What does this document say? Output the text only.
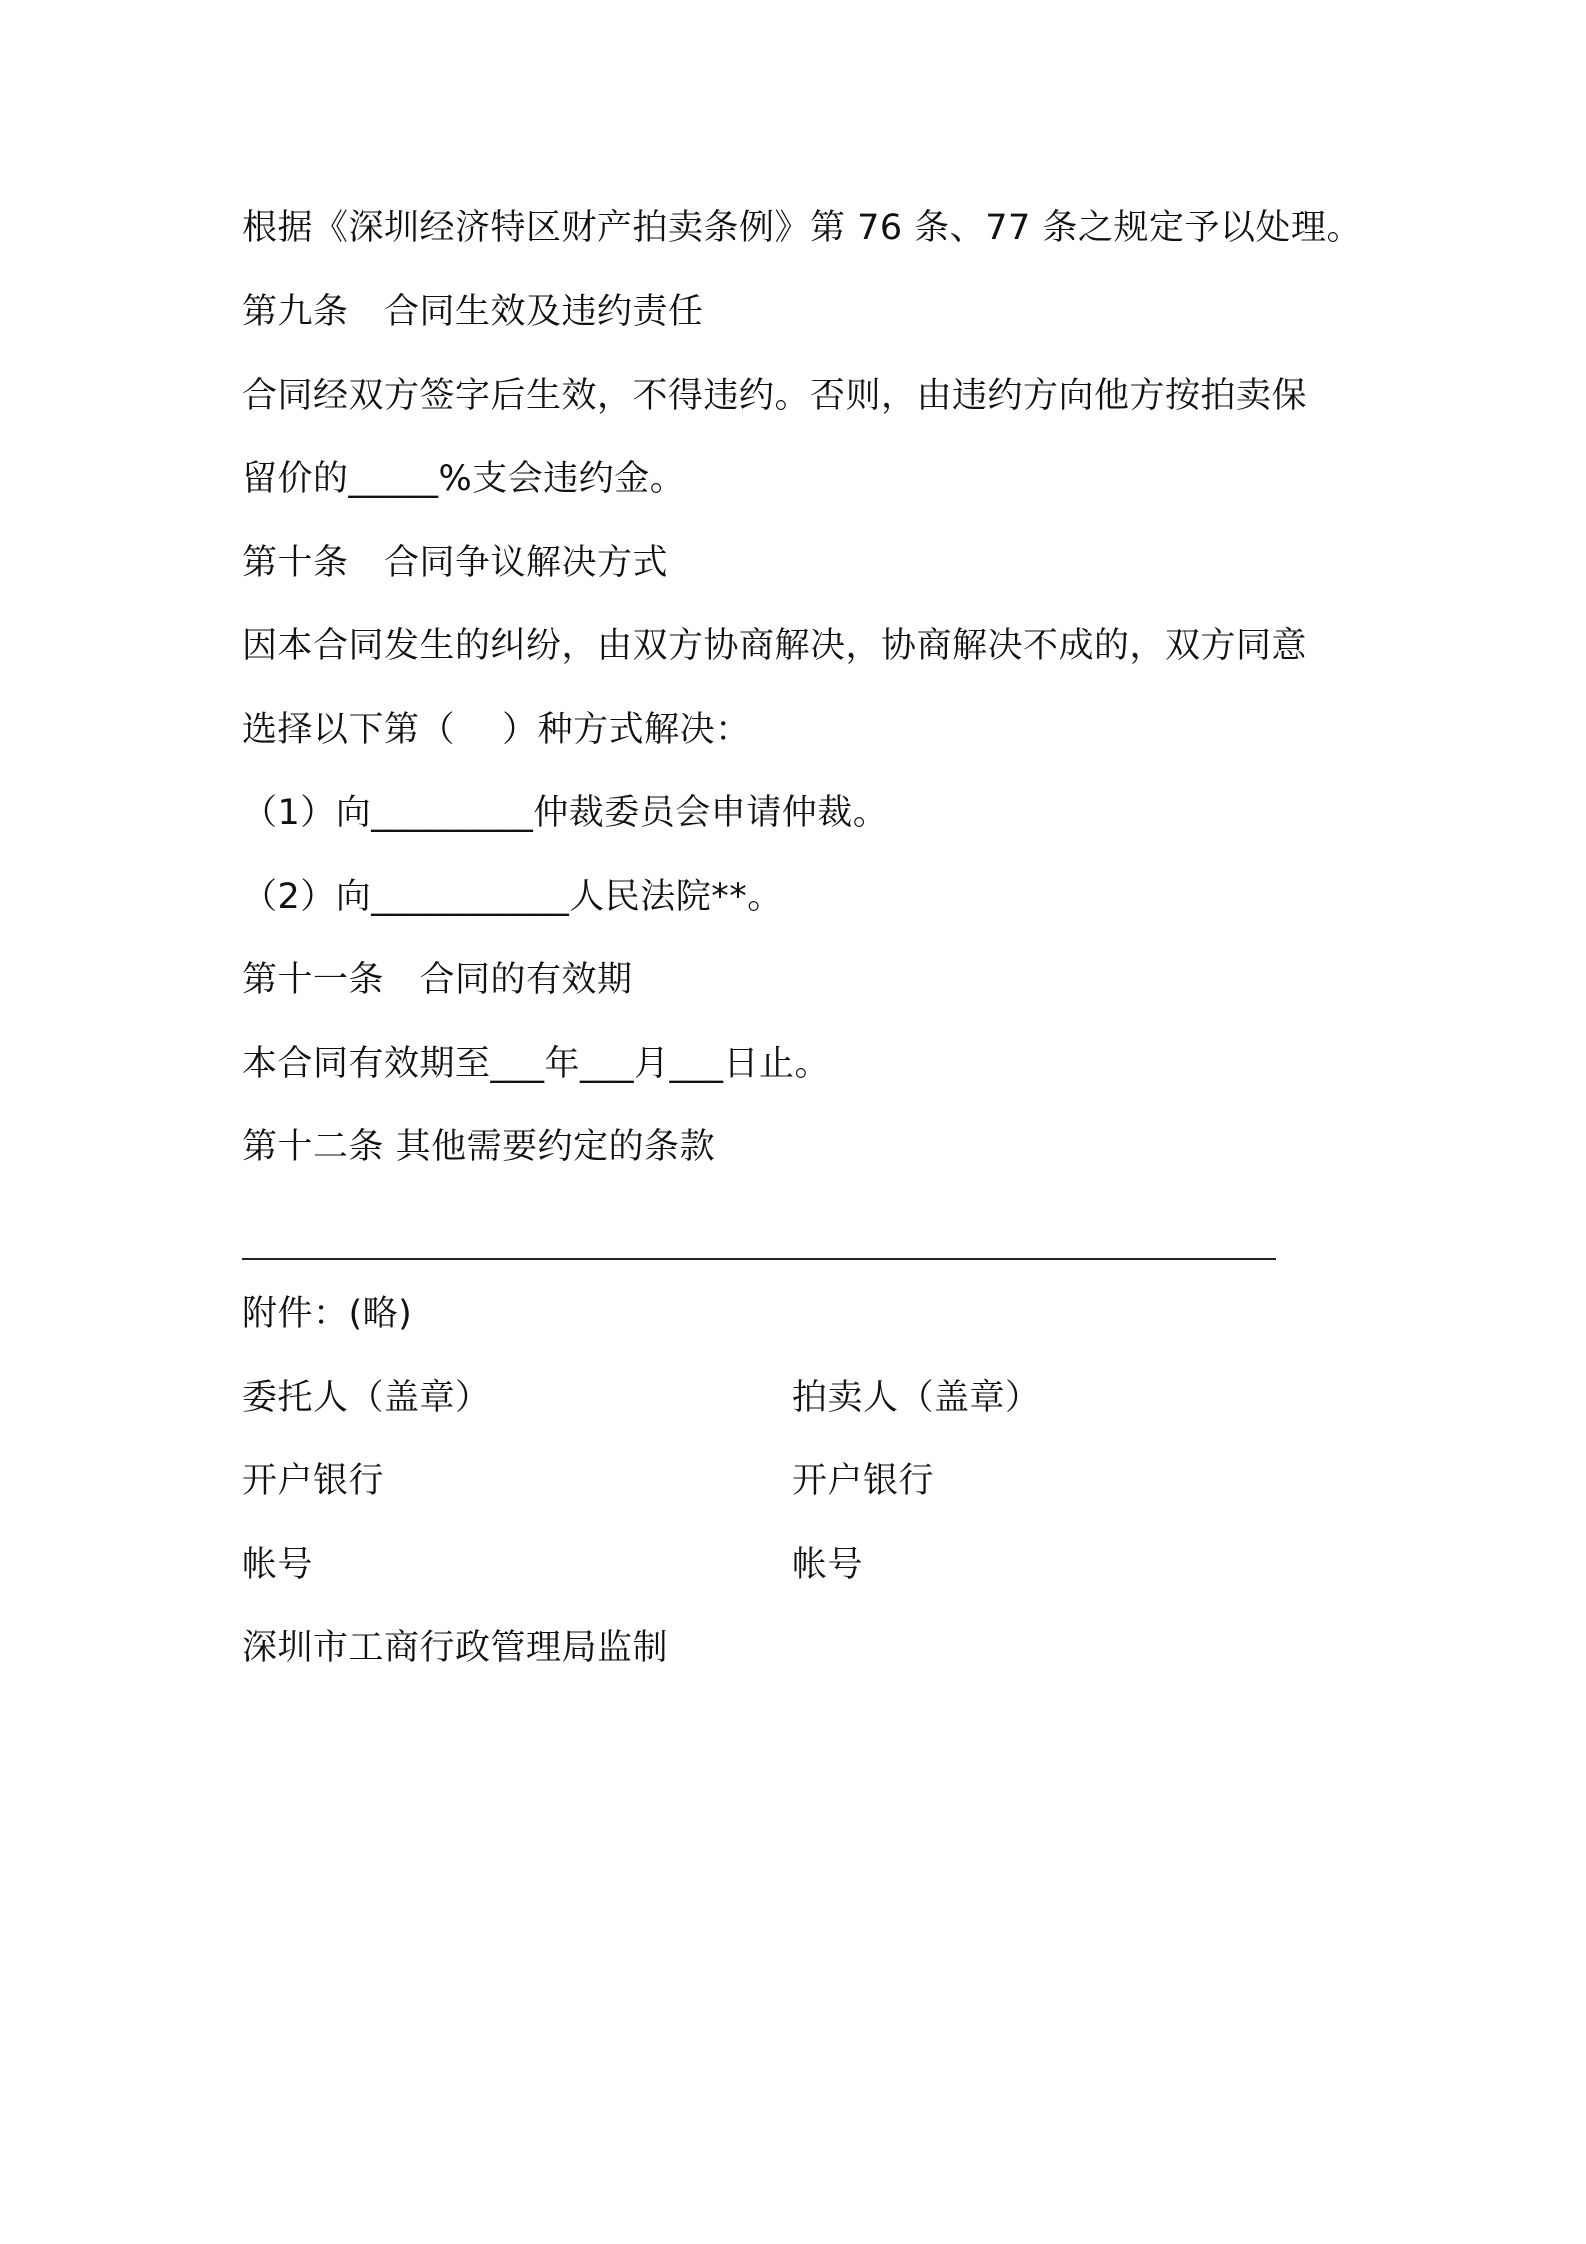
根据《深圳经济特区财产拍卖条例》第 76 条、77 条之规定予以处理。
第九条　合同生效及违约责任
合同经双方签字后生效，不得违约。否则，由违约方向他方按拍卖保
留价的_____%支会违约金。
第十条　合同争议解决方式
因本合同发生的纠纷，由双方协商解决，协商解决不成的，双方同意
选择以下第（　 ）种方式解决：
（1）向_________仲裁委员会申请仲裁。
（2）向___________人民法院**。
第十一条　合同的有效期
本合同有效期至___年___月___日止。
第十二条 其他需要约定的条款
附件：(略)
委托人（盖章）	拍卖人（盖章）
开户银行	开户银行
帐号	帐号
深圳市工商行政管理局监制
